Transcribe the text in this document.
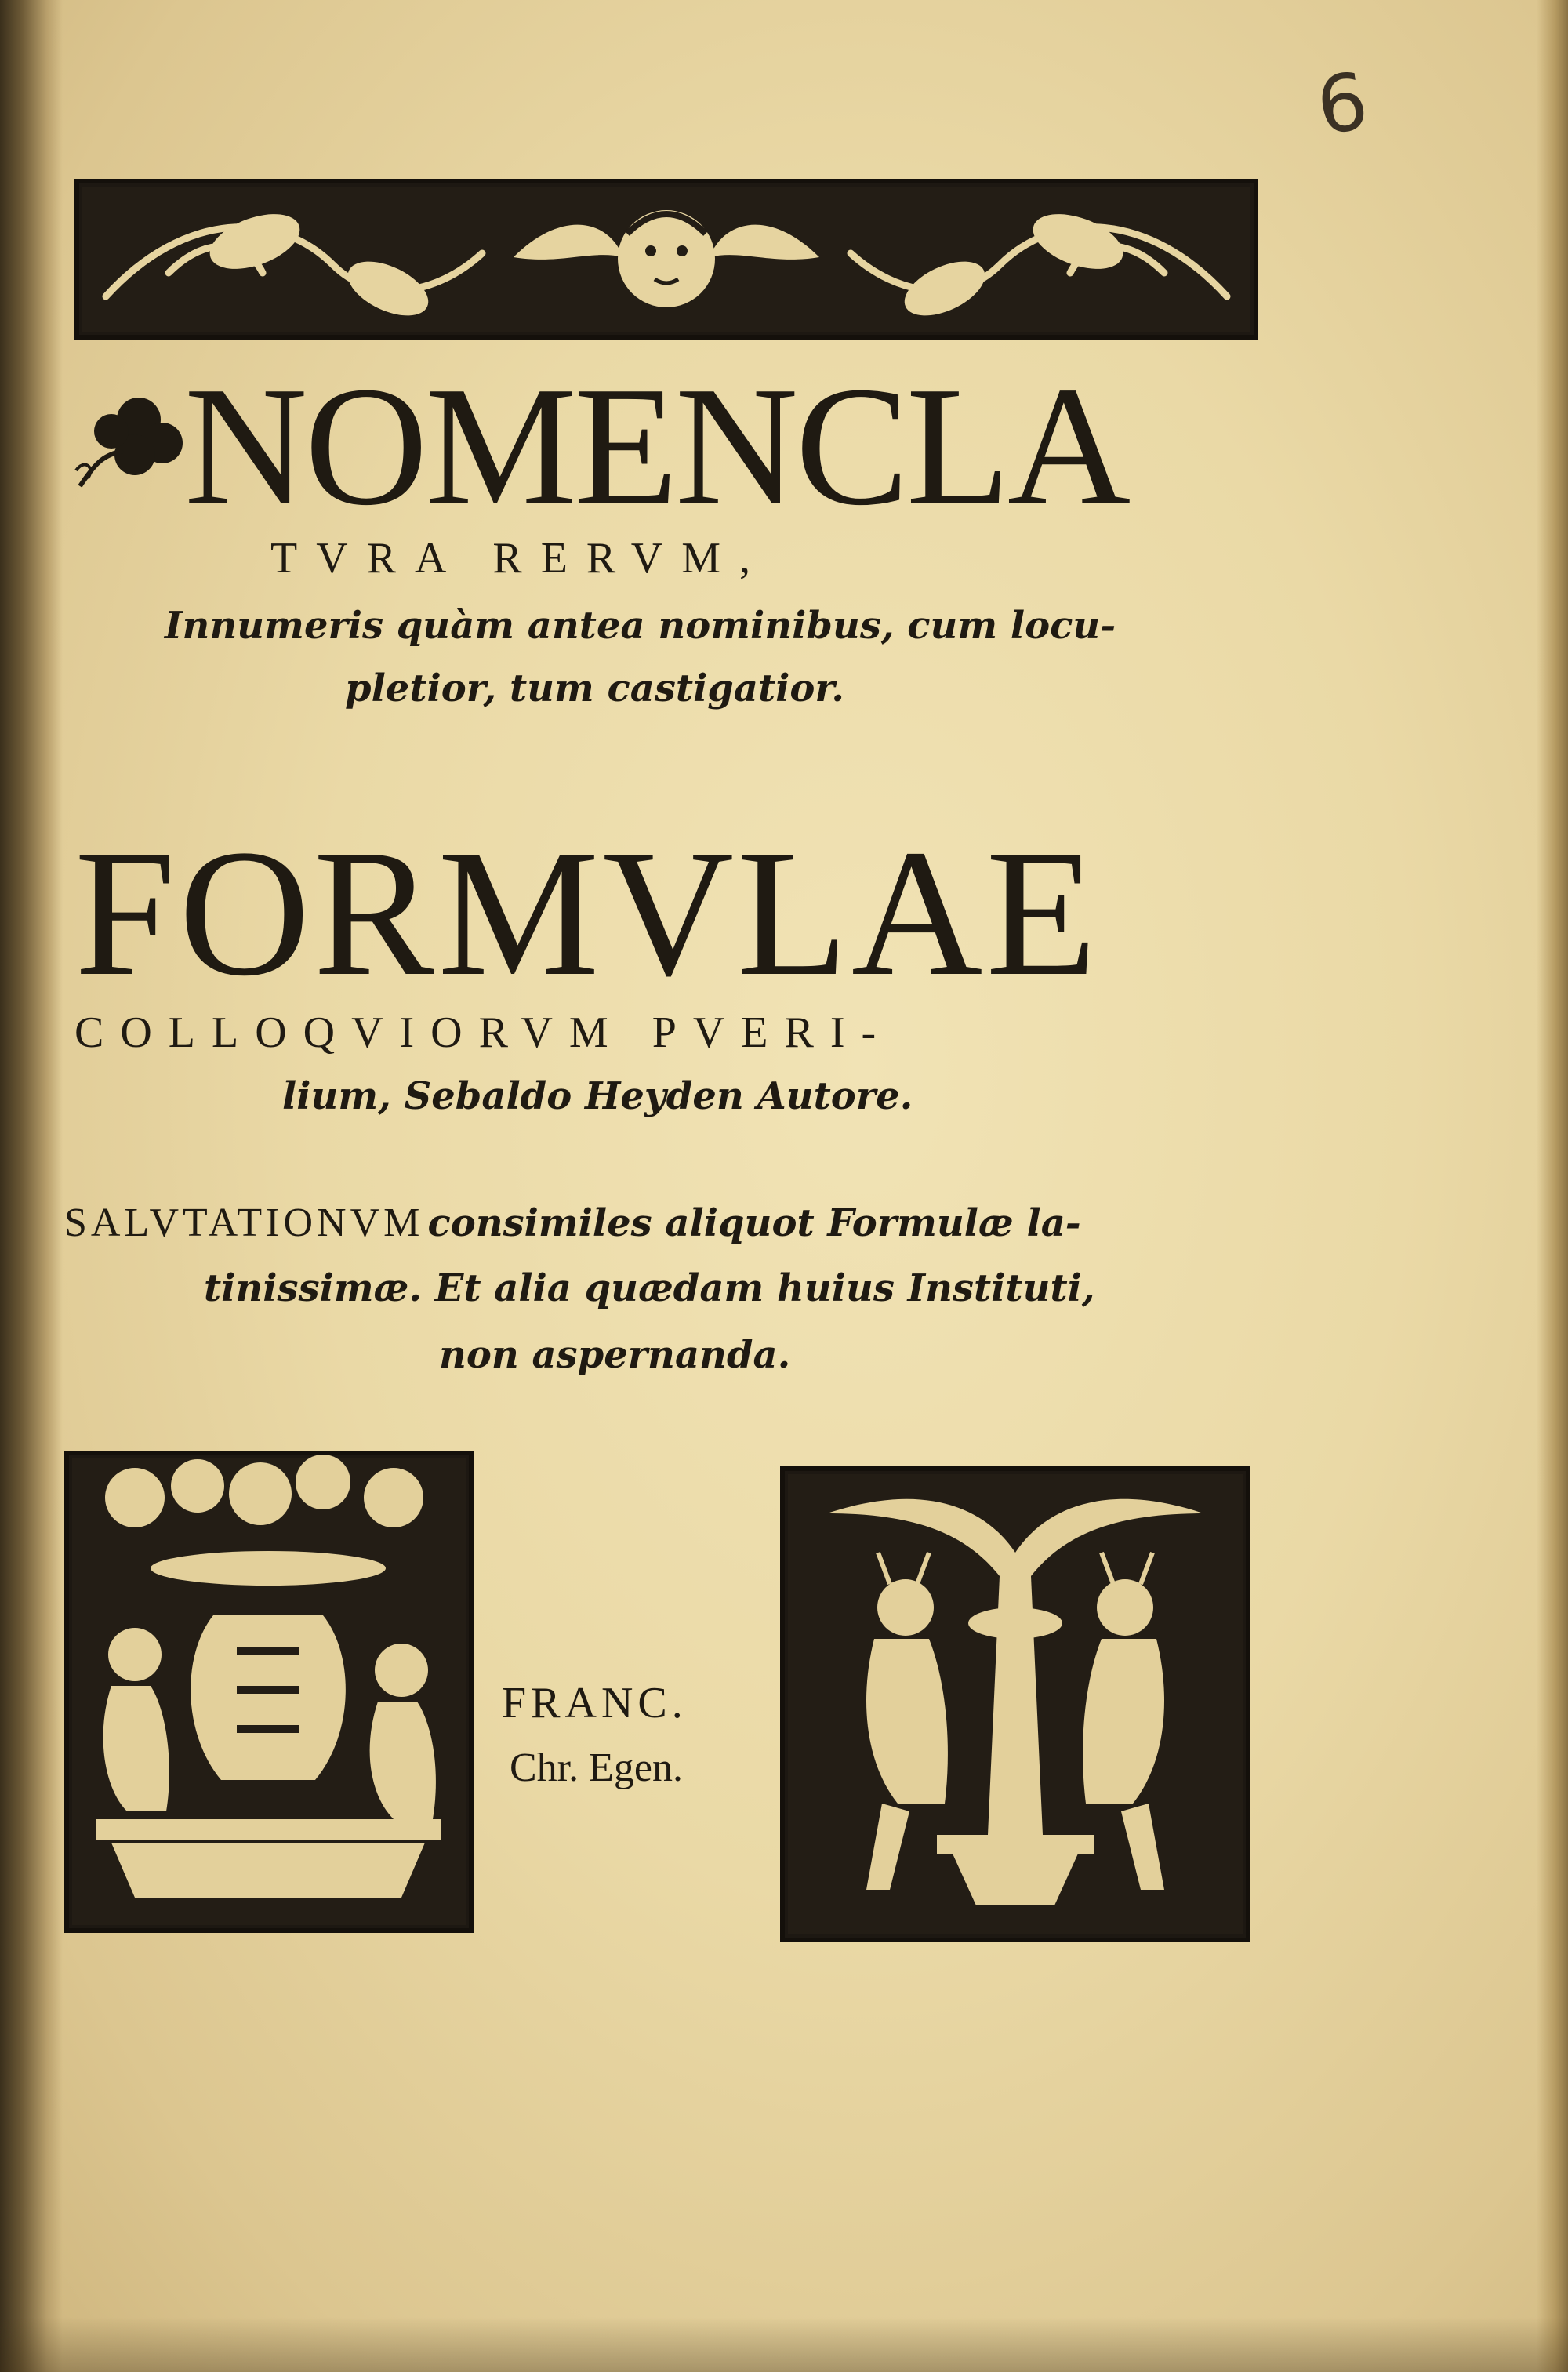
6
NOMENCLA
TVRA RERVM,
Innumeris quàm antea nominibus, cum locu-
pletior, tum castigatior.
FORMVLAE
COLLOQVIORVM PVERI-
lium, Sebaldo Heyden Autore.
SALVTATIONVM consimiles aliquot Formulæ la-
tinissimæ. Et alia quædam huius Instituti,
non aspernanda.
FRANC.
Chr. Egen.
